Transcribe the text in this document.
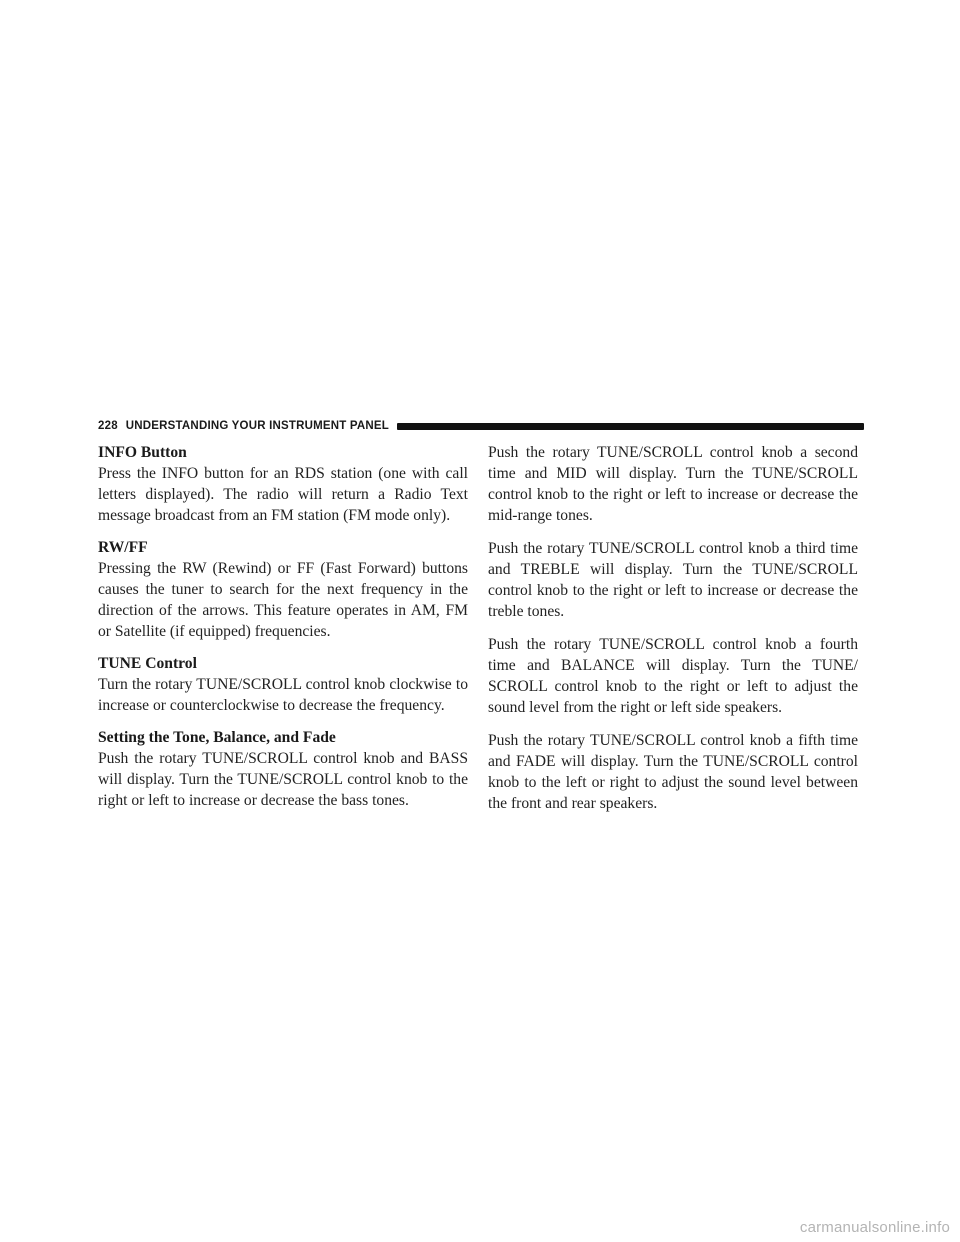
228 UNDERSTANDING YOUR INSTRUMENT PANEL

INFO Button

Press the INFO button for an RDS station (one with call letters displayed). The radio will return a Radio Text message broadcast from an FM station (FM mode only).

RW/FF

Pressing the RW (Rewind) or FF (Fast Forward) buttons causes the tuner to search for the next frequency in the direction of the arrows. This feature operates in AM, FM or Satellite (if equipped) frequencies.

TUNE Control

Turn the rotary TUNE/SCROLL control knob clockwise to increase or counterclockwise to decrease the frequency.

Setting the Tone, Balance, and Fade

Push the rotary TUNE/SCROLL control knob and BASS will display. Turn the TUNE/SCROLL control knob to the right or left to increase or decrease the bass tones.

Push the rotary TUNE/SCROLL control knob a second time and MID will display. Turn the TUNE/SCROLL control knob to the right or left to increase or decrease the mid-range tones.

Push the rotary TUNE/SCROLL control knob a third time and TREBLE will display. Turn the TUNE/SCROLL control knob to the right or left to increase or decrease the treble tones.

Push the rotary TUNE/SCROLL control knob a fourth time and BALANCE will display. Turn the TUNE/ SCROLL control knob to the right or left to adjust the sound level from the right or left side speakers.

Push the rotary TUNE/SCROLL control knob a fifth time and FADE will display. Turn the TUNE/SCROLL control knob to the left or right to adjust the sound level between the front and rear speakers.

carmanualsonline.info
